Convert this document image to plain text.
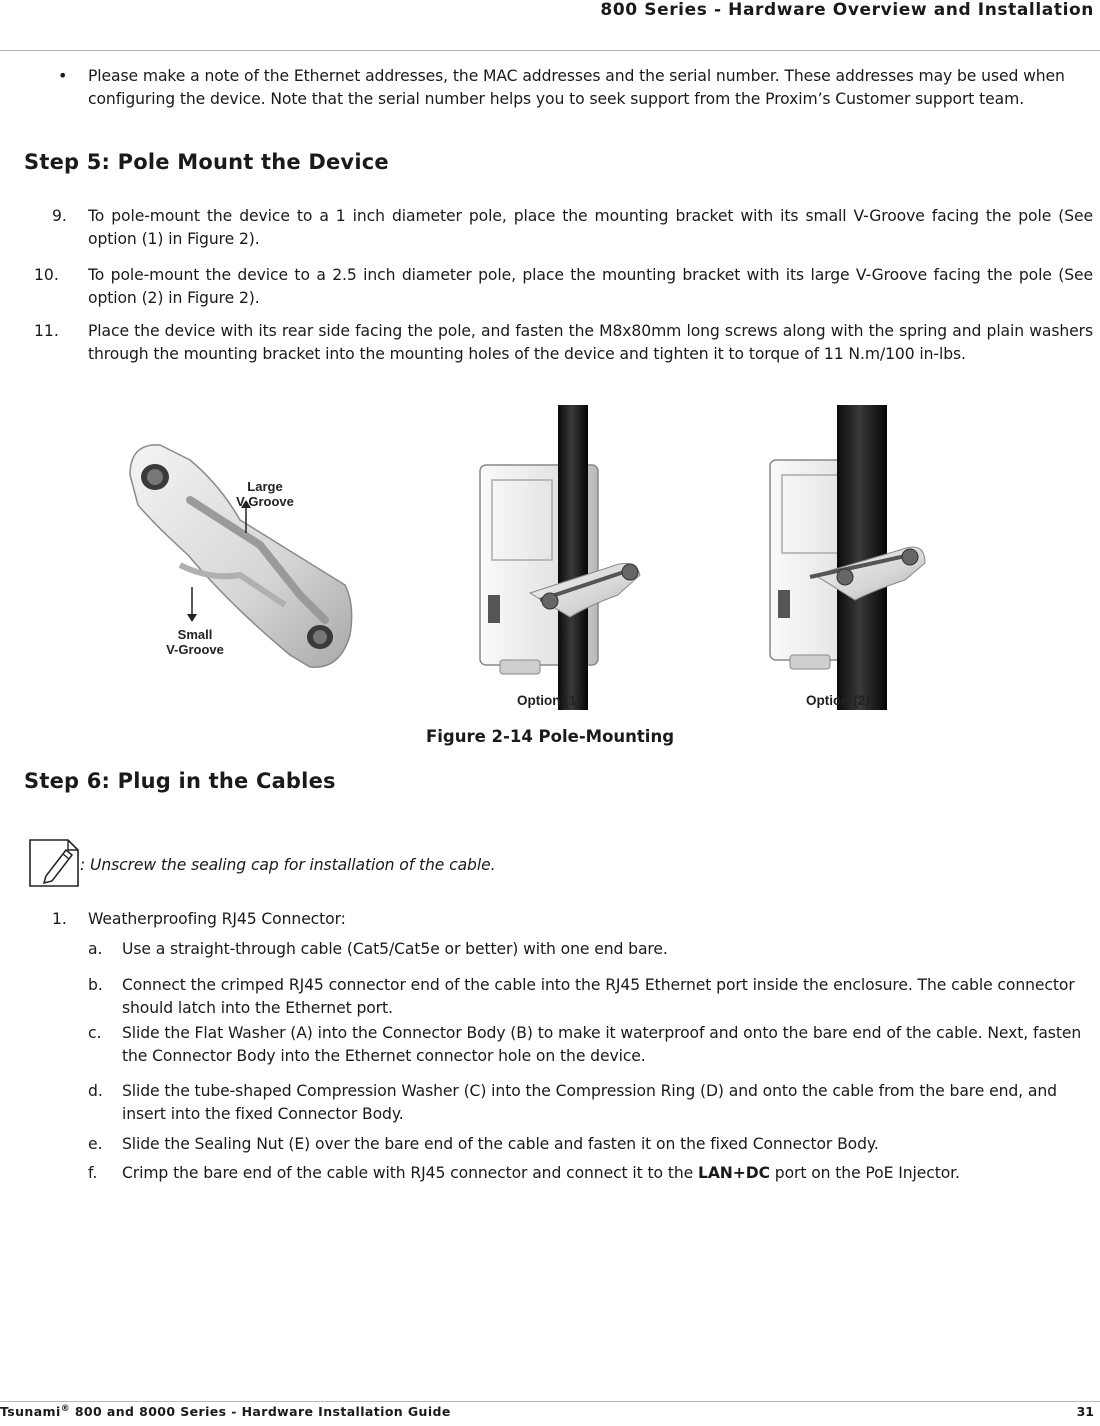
800 Series - Hardware Overview and Installation
• Please make a note of the Ethernet addresses, the MAC addresses and the serial number. These addresses may be used when configuring the device. Note that the serial number helps you to seek support from the Proxim’s Customer support team.
Step 5: Pole Mount the Device
9. To pole-mount the device to a 1 inch diameter pole, place the mounting bracket with its small V-Groove facing the pole (See option (1) in Figure 2).
10. To pole-mount the device to a 2.5 inch diameter pole, place the mounting bracket with its large V-Groove facing the pole (See option (2) in Figure 2).
11. Place the device with its rear side facing the pole, and fasten the M8x80mm long screws along with the spring and plain washers through the mounting bracket into the mounting holes of the device and tighten it to torque of 11 N.m/100 in-lbs.
Large
V-Groove
Small
V-Groove
Option (1)	Option (2)
Figure 2-14 Pole-Mounting
Step 6: Plug in the Cables
: Unscrew the sealing cap for installation of the cable.
1. Weatherproofing RJ45 Connector:
a. Use a straight-through cable (Cat5/Cat5e or better) with one end bare.
b. Connect the crimped RJ45 connector end of the cable into the RJ45 Ethernet port inside the enclosure. The cable connector should latch into the Ethernet port.
c. Slide the Flat Washer (A) into the Connector Body (B) to make it waterproof and onto the bare end of the cable. Next, fasten the Connector Body into the Ethernet connector hole on the device.
d. Slide the tube-shaped Compression Washer (C) into the Compression Ring (D) and onto the cable from the bare end, and insert into the fixed Connector Body.
e. Slide the Sealing Nut (E) over the bare end of the cable and fasten it on the fixed Connector Body.
f. Crimp the bare end of the cable with RJ45 connector and connect it to the LAN+DC port on the PoE Injector.
Tsunami® 800 and 8000 Series - Hardware Installation Guide	31
